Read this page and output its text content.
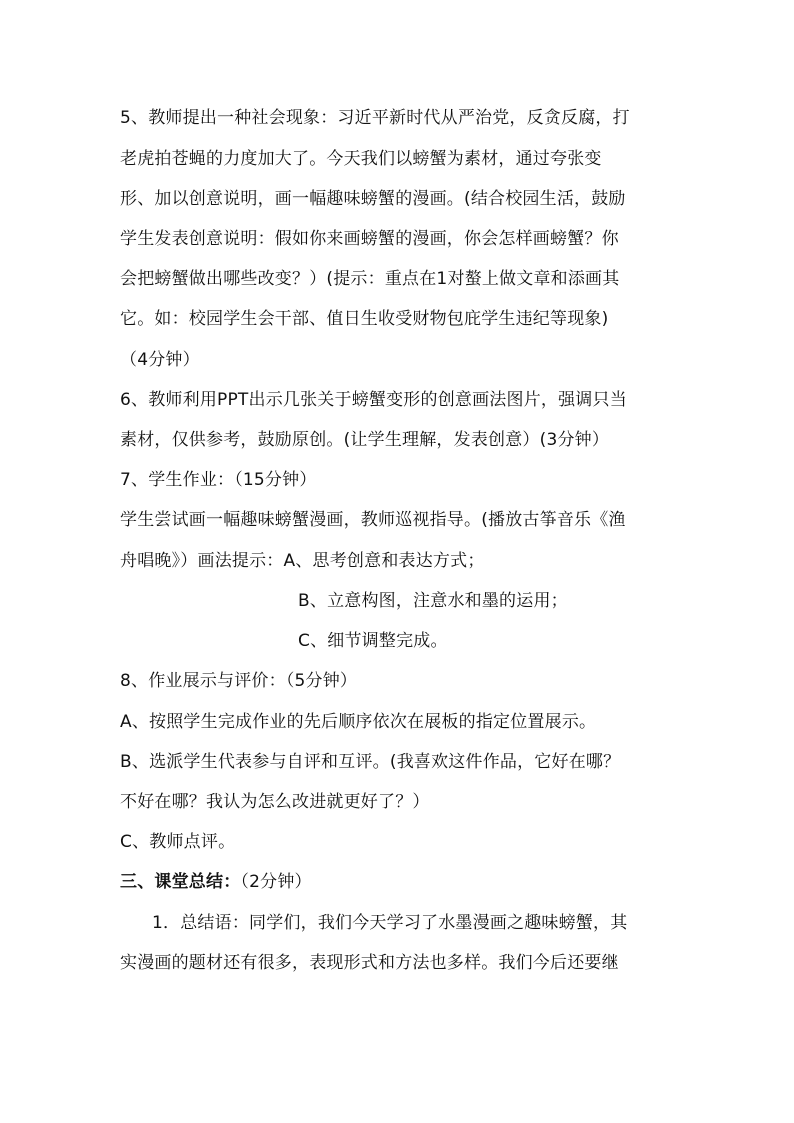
5、教师提出一种社会现象：习近平新时代从严治党，反贪反腐，打
老虎拍苍蝇的力度加大了。今天我们以螃蟹为素材，通过夸张变
形、加以创意说明，画一幅趣味螃蟹的漫画。(结合校园生活，鼓励
学生发表创意说明：假如你来画螃蟹的漫画，你会怎样画螃蟹？你
会把螃蟹做出哪些改变？）(提示：重点在1对螯上做文章和添画其
它。如：校园学生会干部、值日生收受财物包庇学生违纪等现象)
（4分钟）
6、教师利用PPT出示几张关于螃蟹变形的创意画法图片，强调只当
素材，仅供参考，鼓励原创。(让学生理解，发表创意）(3分钟）
7、学生作业：（15分钟）
学生尝试画一幅趣味螃蟹漫画，教师巡视指导。(播放古筝音乐《渔
舟唱晚》）画法提示：A、思考创意和表达方式；
B、立意构图，注意水和墨的运用；
C、细节调整完成。
8、作业展示与评价：（5分钟）
A、按照学生完成作业的先后顺序依次在展板的指定位置展示。
B、选派学生代表参与自评和互评。(我喜欢这件作品，它好在哪？
不好在哪？我认为怎么改进就更好了？）
C、教师点评。
三、课堂总结：（2分钟）
1．总结语：同学们，我们今天学习了水墨漫画之趣味螃蟹，其
实漫画的题材还有很多，表现形式和方法也多样。我们今后还要继
